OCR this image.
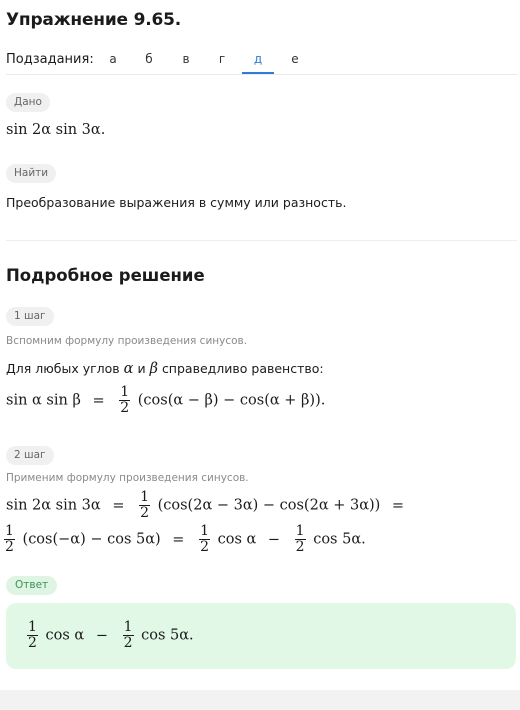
Упражнение 9.65.
Подзадания:	а	б	в	г	д	е
Дано
sin 2α sin 3α.
Найти
Преобразование выражения в сумму или разность.
Подробное решение
1 шаг
Вспомним формулу произведения синусов.
Для любых углов α и β справедливо равенство:
sin α $\sin \beta = \frac{1}{2} (\cos(\alpha - \beta) - \cos(\alpha + \beta))$.
2 шаг
Применим формулу произведения синусов.
sin 2α $\sin 3\alpha = \frac{1}{2} (\cos(2\alpha - 3\alpha) - \cos(2\alpha + 3\alpha))$ =
$\frac{1}{2} (\cos(-\alpha) - \cos 5\alpha) = \frac{1}{2}$ $\cos \alpha - \frac{1}{2}$ cos 5α.
Ответ
$\frac{1}{2}$ $\cos \alpha - \frac{1}{2}$ cos 5α.
